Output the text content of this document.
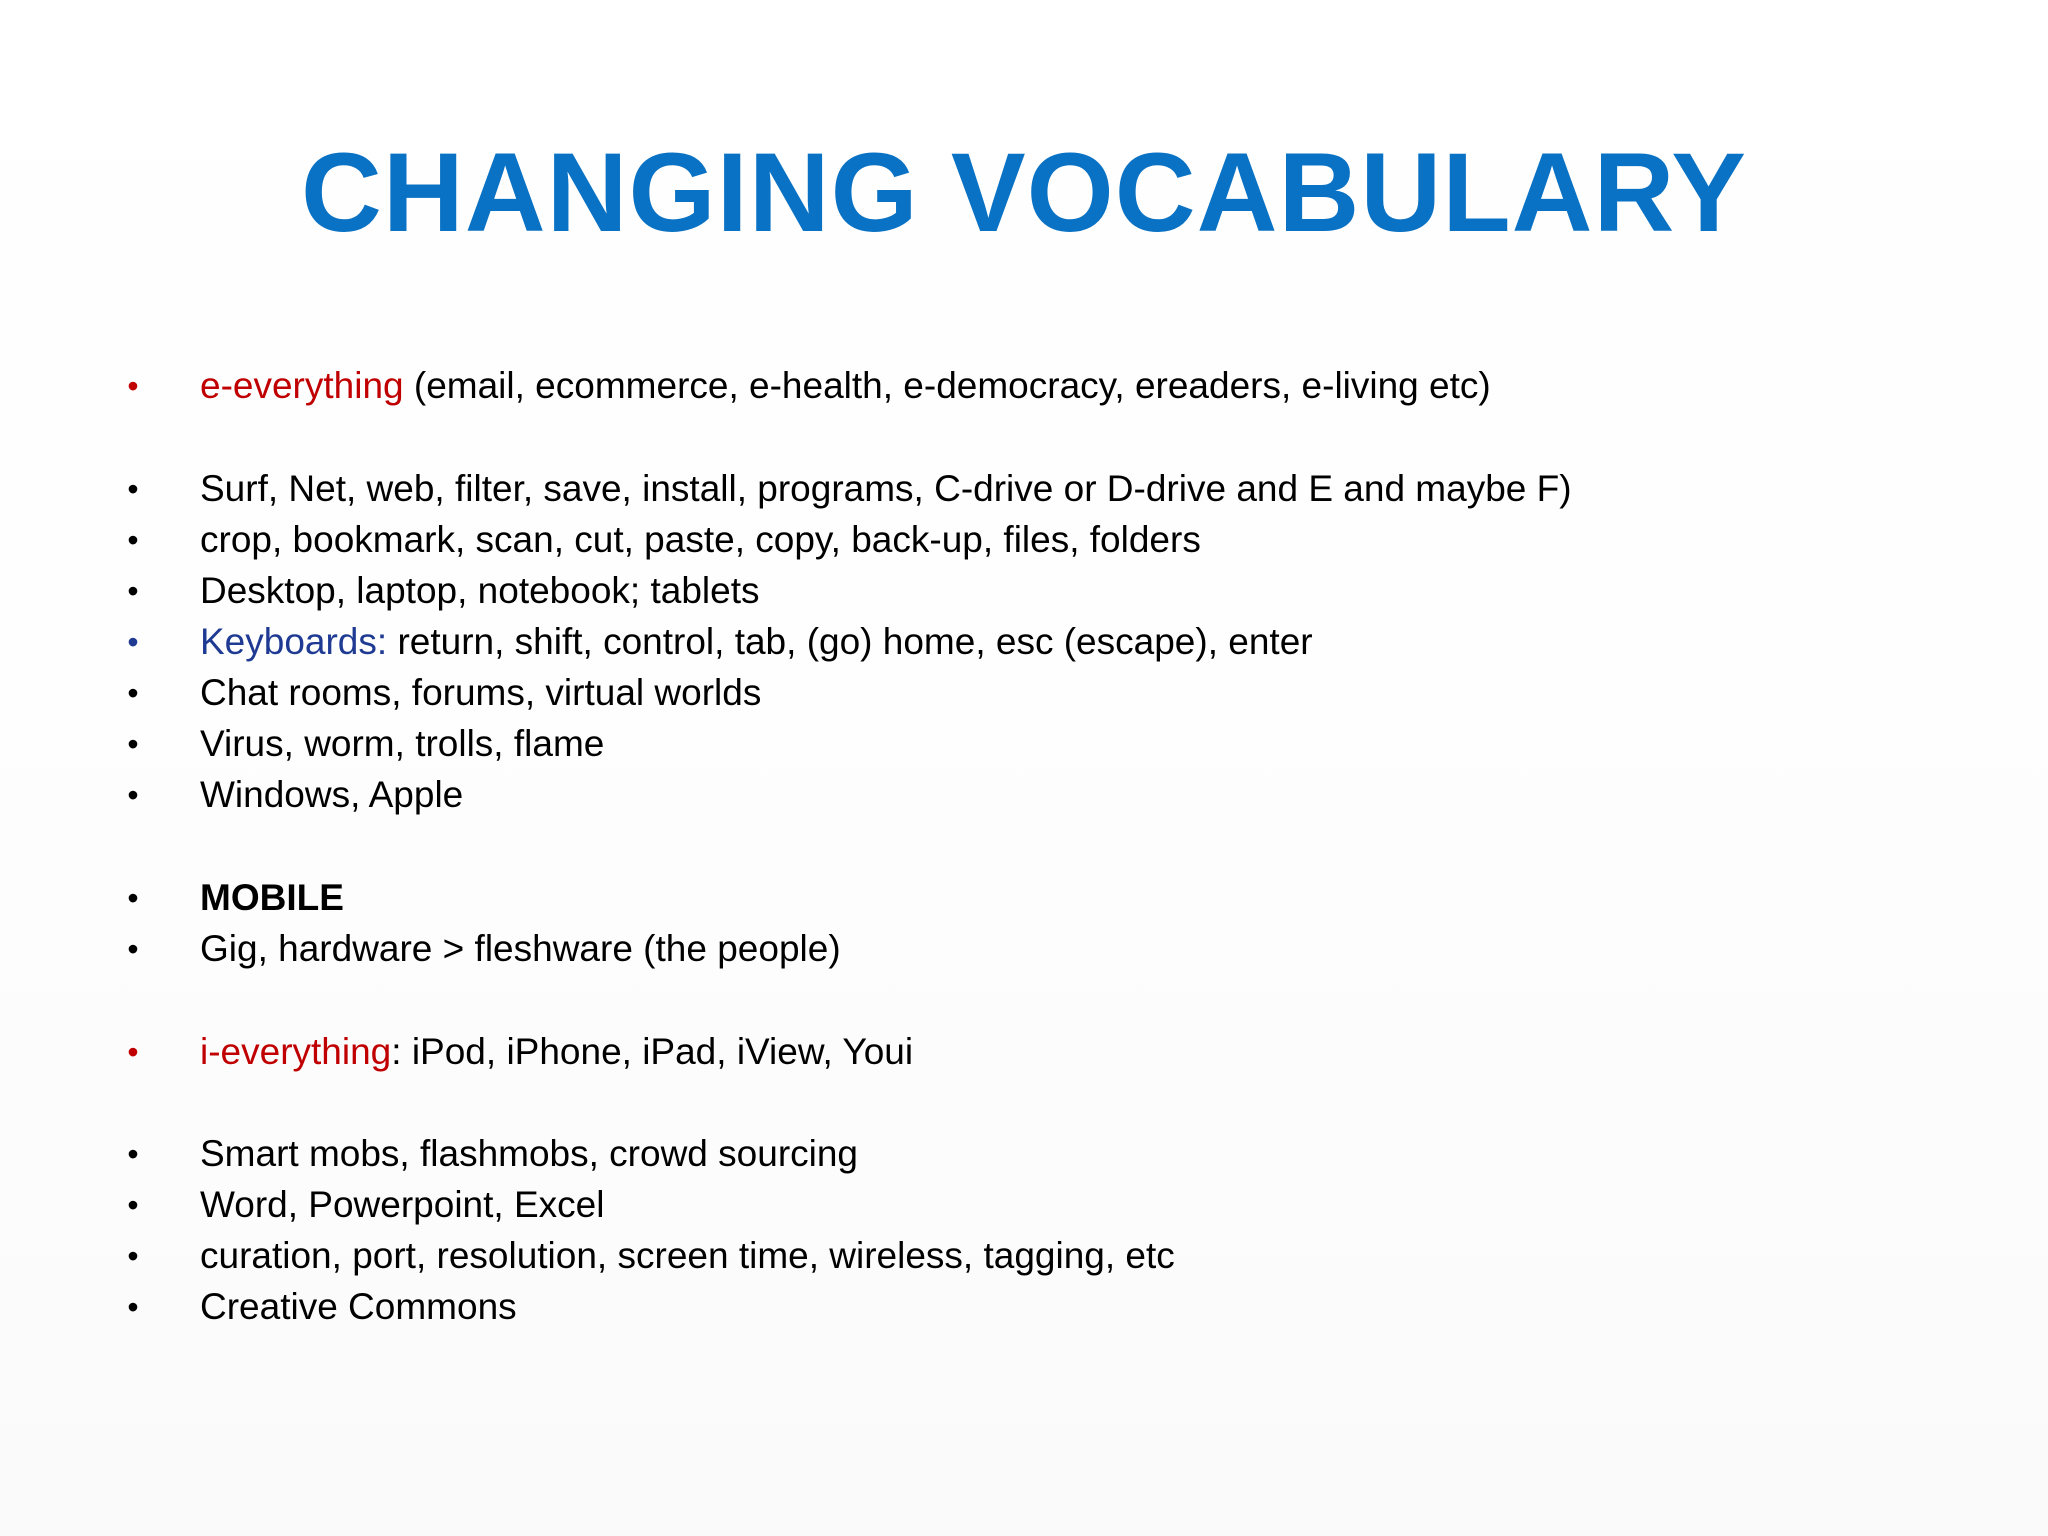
CHANGING VOCABULARY
• e-everything (email, ecommerce, e-health, e-democracy, ereaders, e-living etc)
• Surf, Net, web, filter, save, install, programs, C-drive or D-drive and E and maybe F)
• crop, bookmark, scan, cut, paste, copy, back-up, files, folders
• Desktop, laptop, notebook; tablets
• Keyboards: return, shift, control, tab, (go) home, esc (escape), enter
• Chat rooms, forums, virtual worlds
• Virus, worm, trolls, flame
• Windows, Apple
• MOBILE
• Gig, hardware > fleshware (the people)
• i-everything: iPod, iPhone, iPad, iView, Youi
• Smart mobs, flashmobs, crowd sourcing
• Word, Powerpoint, Excel
• curation, port, resolution, screen time, wireless, tagging, etc
• Creative Commons
